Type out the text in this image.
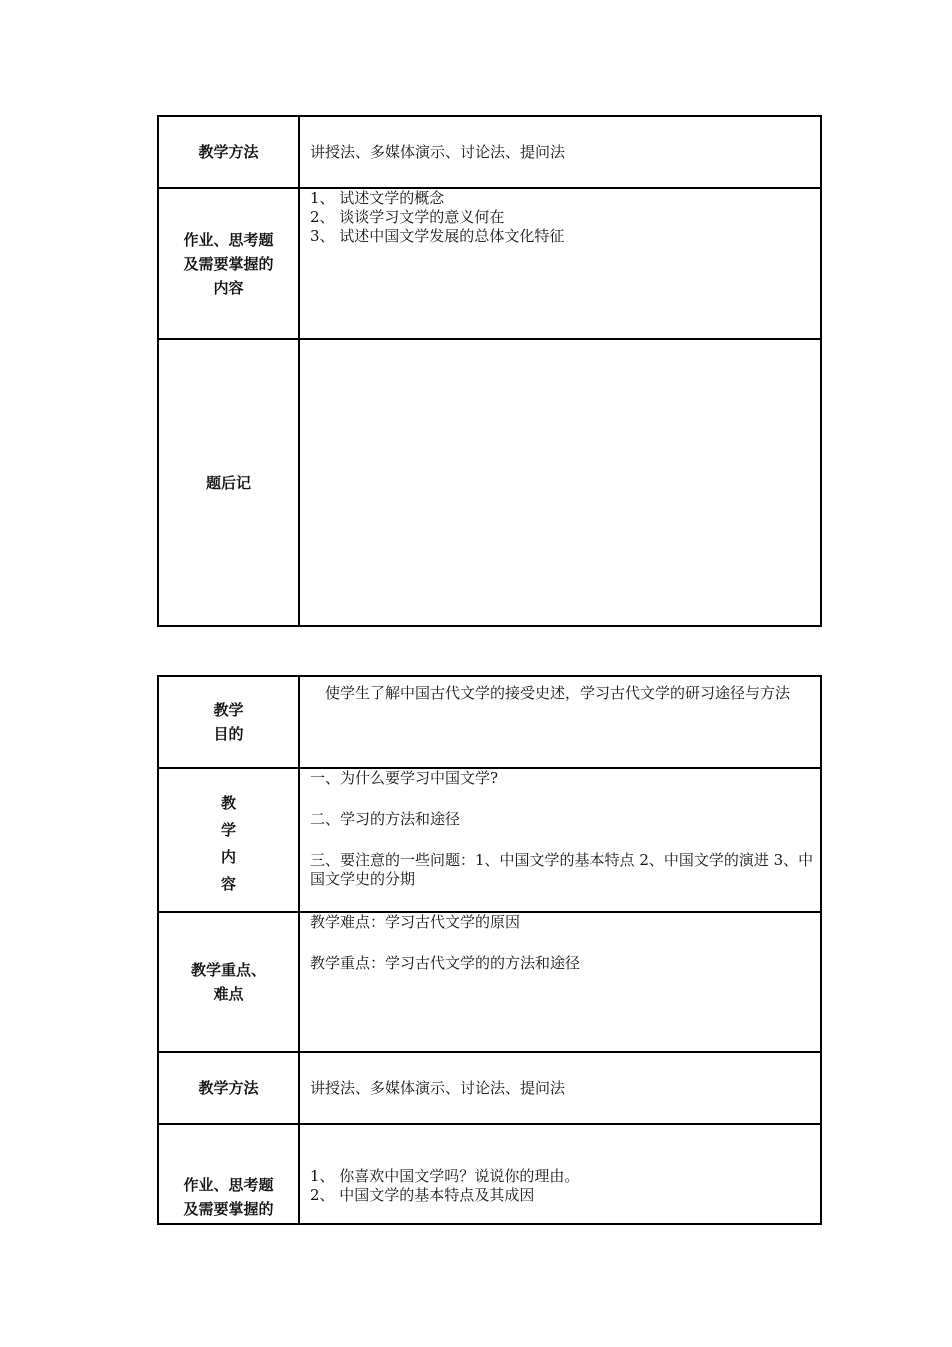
教学方法	讲授法、多媒体演示、讨论法、提问法

作业、思考题
及需要掌握的
内容	1、 试述文学的概念
2、 谈谈学习文学的意义何在
3、 试述中国文学发展的总体文化特征

题后记	

教学
目的	　使学生了解中国古代文学的接受史述，学习古代文学的研习途径与方法

教
学
内
容	一、为什么要学习中国文学?
二、学习的方法和途径
三、要注意的一些问题：1、中国文学的基本特点 2、中国文学的演进 3、中国文学史的分期

教学重点、
难点	教学难点：学习古代文学的原因
教学重点：学习古代文学的的方法和途径

教学方法	讲授法、多媒体演示、讨论法、提问法

作业、思考题
及需要掌握的	1、 你喜欢中国文学吗？说说你的理由。
2、 中国文学的基本特点及其成因
